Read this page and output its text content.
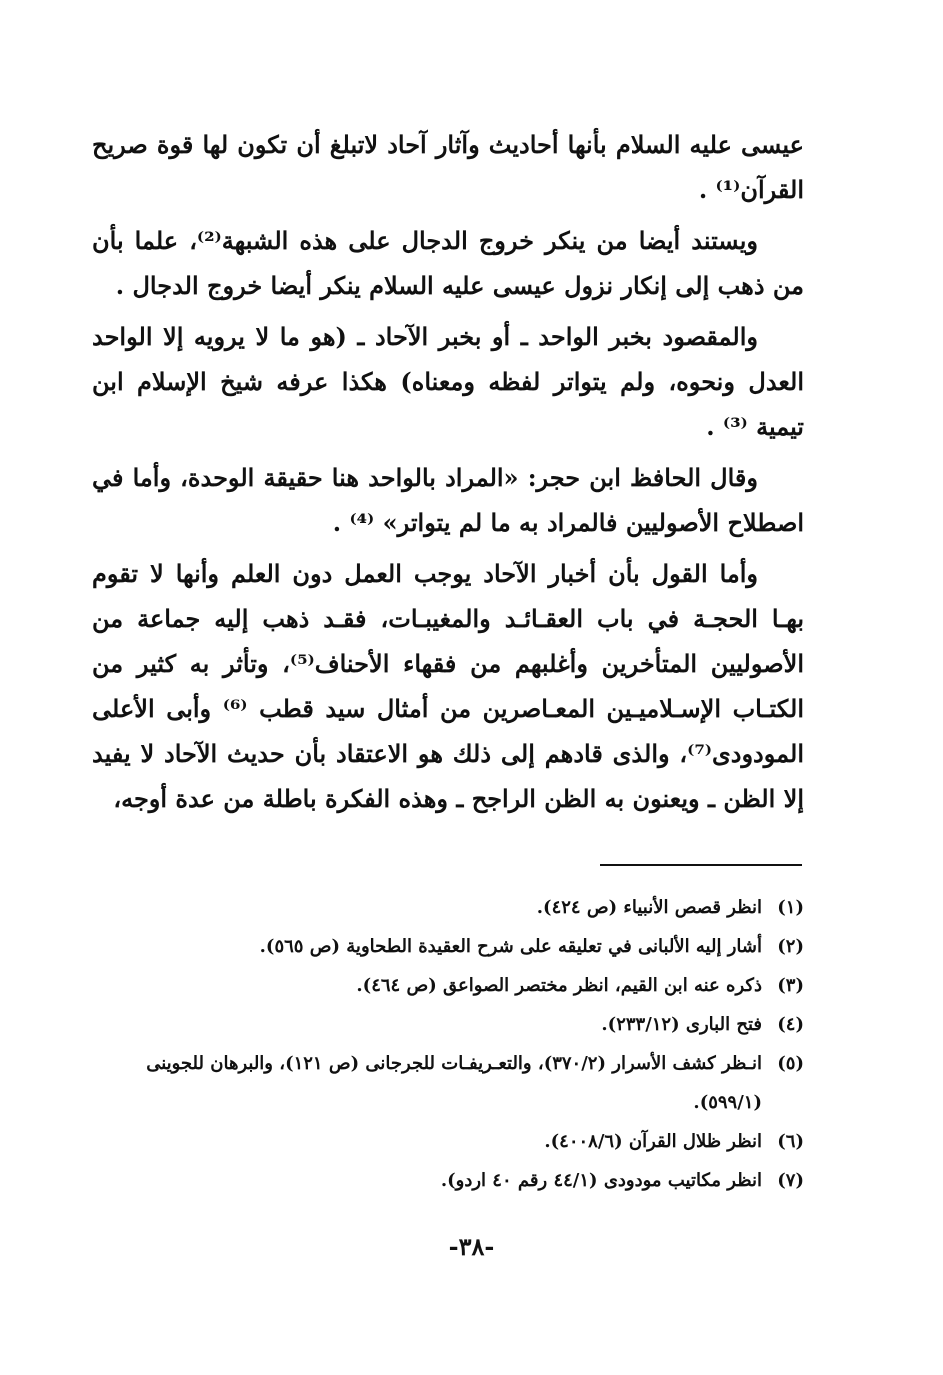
عيسى عليه السلام بأنها أحاديث وآثار آحاد لاتبلغ أن تكون لها قوة صريح القرآن⁽¹⁾ .

ويستند أيضا من ينكر خروج الدجال على هذه الشبهة⁽²⁾، علما بأن من ذهب إلى إنكار نزول عيسى عليه السلام ينكر أيضا خروج الدجال .

والمقصود بخبر الواحد ـ أو بخبر الآحاد ـ (هو ما لا يرويه إلا الواحد العدل ونحوه، ولم يتواتر لفظه ومعناه) هكذا عرفه شيخ الإسلام ابن تيمية ⁽³⁾ .

وقال الحافظ ابن حجر: «المراد بالواحد هنا حقيقة الوحدة، وأما في اصطلاح الأصوليين فالمراد به ما لم يتواتر» ⁽⁴⁾ .

وأما القول بأن أخبار الآحاد يوجب العمل دون العلم وأنها لا تقوم بهـا الحجـة في باب العقـائـد والمغيبـات، فقـد ذهب إليه جماعة من الأصوليين المتأخرين وأغلبهم من فقهاء الأحناف⁽⁵⁾، وتأثر به كثير من الكتـاب الإسـلاميـين المعـاصرين من أمثال سيد قطب ⁽⁶⁾ وأبى الأعلى المودودى⁽⁷⁾، والذى قادهم إلى ذلك هو الاعتقاد بأن حديث الآحاد لا يفيد إلا الظن ـ ويعنون به الظن الراجح ـ وهذه الفكرة باطلة من عدة أوجه،

(١)
انظر قصص الأنبياء (ص ٤٢٤).
(٢)
أشار إليه الألبانى في تعليقه على شرح العقيدة الطحاوية (ص ٥٦٥).
(٣)
ذكره عنه ابن القيم، انظر مختصر الصواعق (ص ٤٦٤).
(٤)
فتح البارى (٢٣٣/١٢).
(٥)
انـظر كشف الأسرار (٣٧٠/٢)، والتعـريفـات للجرجانى (ص ١٢١)، والبرهان للجوينى (٥٩٩/١).
(٦)
انظر ظلال القرآن (٤٠٠٨/٦).
(٧)
انظر مكاتيب مودودى (٤٤/١ رقم ٤٠ اردو).
-٣٨-
